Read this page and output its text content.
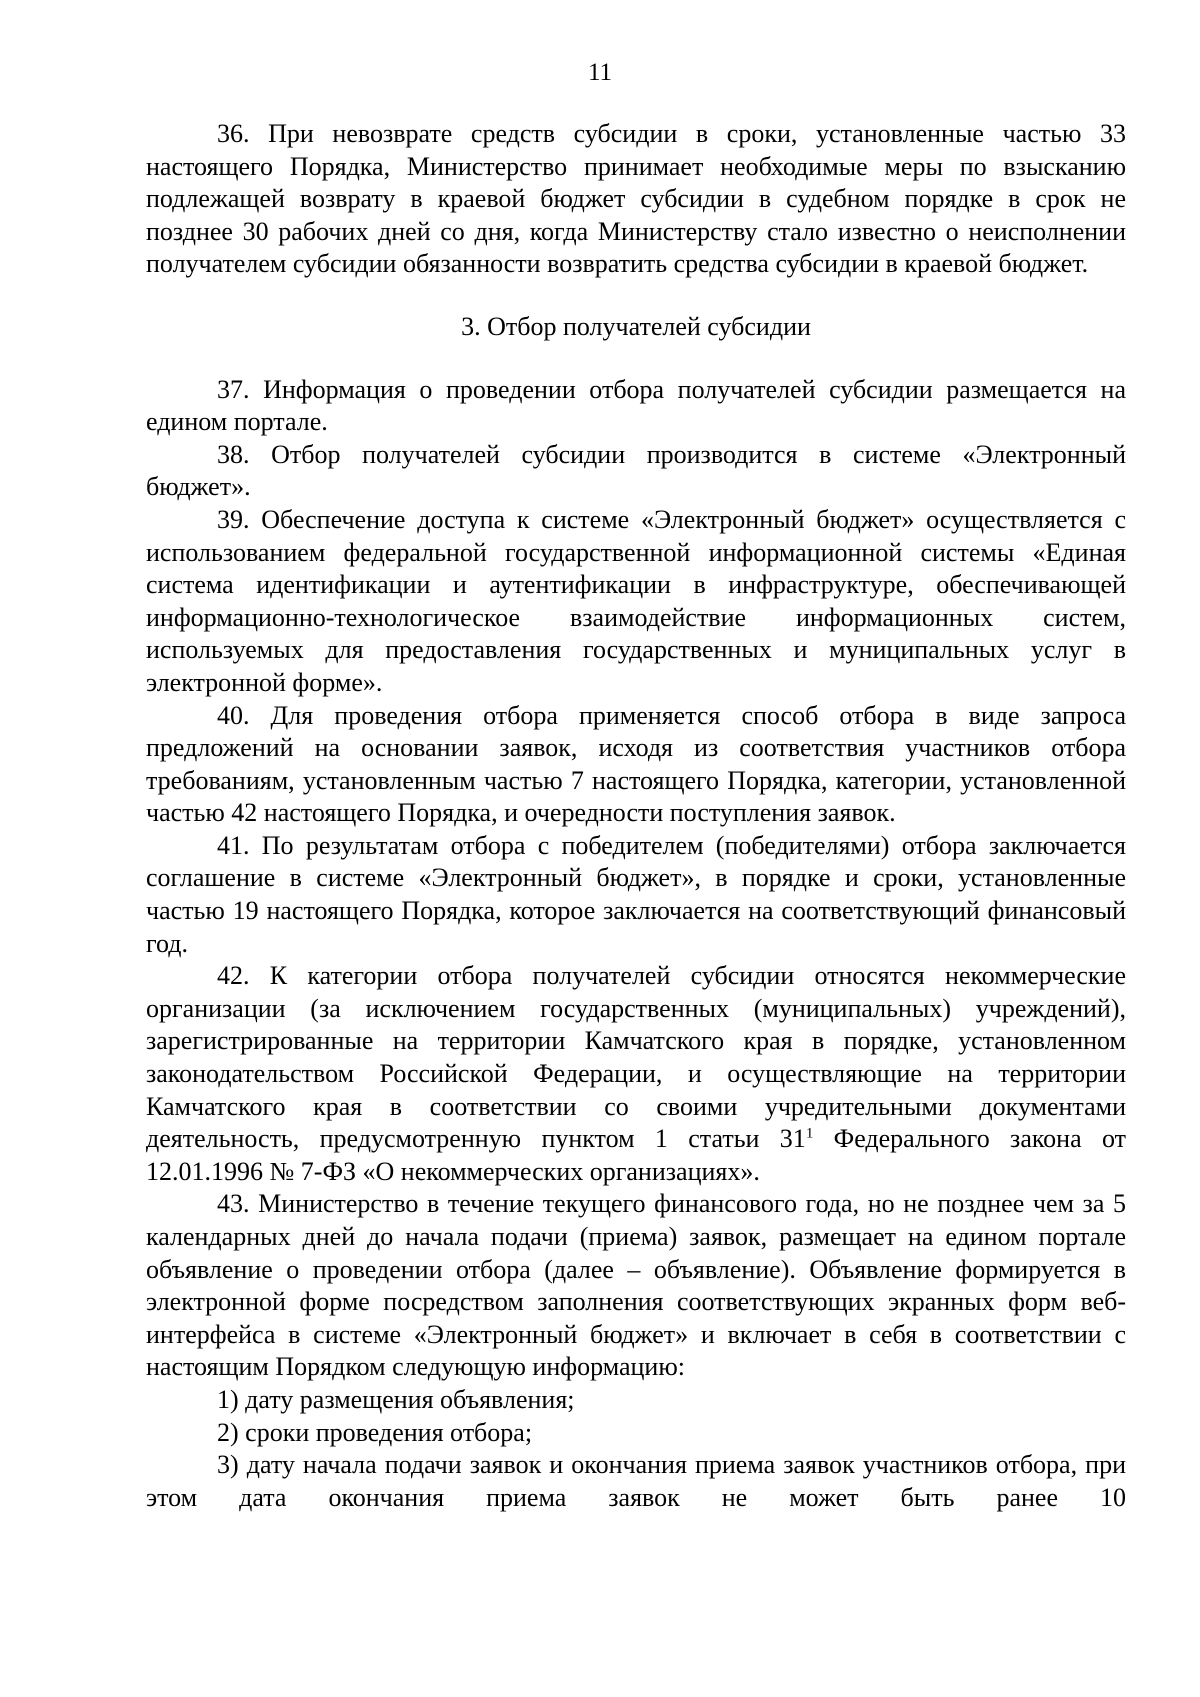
11

36. При невозврате средств субсидии в сроки, установленные частью 33 настоящего Порядка, Министерство принимает необходимые меры по взысканию подлежащей возврату в краевой бюджет субсидии в судебном порядке в срок не позднее 30 рабочих дней со дня, когда Министерству стало известно о неисполнении получателем субсидии обязанности возвратить средства субсидии в краевой бюджет.

3. Отбор получателей субсидии

37. Информация о проведении отбора получателей субсидии размещается на едином портале.

38. Отбор получателей субсидии производится в системе «Электронный бюджет».

39. Обеспечение доступа к системе «Электронный бюджет» осуществляется с использованием федеральной государственной информационной системы «Единая система идентификации и аутентификации в инфраструктуре, обеспечивающей информационно-технологическое взаимодействие информационных систем, используемых для предоставления государственных и муниципальных услуг в электронной форме».

40. Для проведения отбора применяется способ отбора в виде запроса предложений на основании заявок, исходя из соответствия участников отбора требованиям, установленным частью 7 настоящего Порядка, категории, установленной частью 42 настоящего Порядка, и очередности поступления заявок.

41. По результатам отбора с победителем (победителями) отбора заключается соглашение в системе «Электронный бюджет», в порядке и сроки, установленные частью 19 настоящего Порядка, которое заключается на соответствующий финансовый год.

42. К категории отбора получателей субсидии относятся некоммерческие организации (за исключением государственных (муниципальных) учреждений), зарегистрированные на территории Камчатского края в порядке, установленном законодательством Российской Федерации, и осуществляющие на территории Камчатского края в соответствии со своими учредительными документами деятельность, предусмотренную пунктом 1 статьи $31^1$ Федерального закона от 12.01.1996 № 7-ФЗ «О некоммерческих организациях».

43. Министерство в течение текущего финансового года, но не позднее чем за 5 календарных дней до начала подачи (приема) заявок, размещает на едином портале объявление о проведении отбора (далее – объявление). Объявление формируется в электронной форме посредством заполнения соответствующих экранных форм веб-интерфейса в системе «Электронный бюджет» и включает в себя в соответствии с настоящим Порядком следующую информацию:

1) дату размещения объявления;

2) сроки проведения отбора;

3) дату начала подачи заявок и окончания приема заявок участников отбора, при этом дата окончания приема заявок не может быть ранее 10
